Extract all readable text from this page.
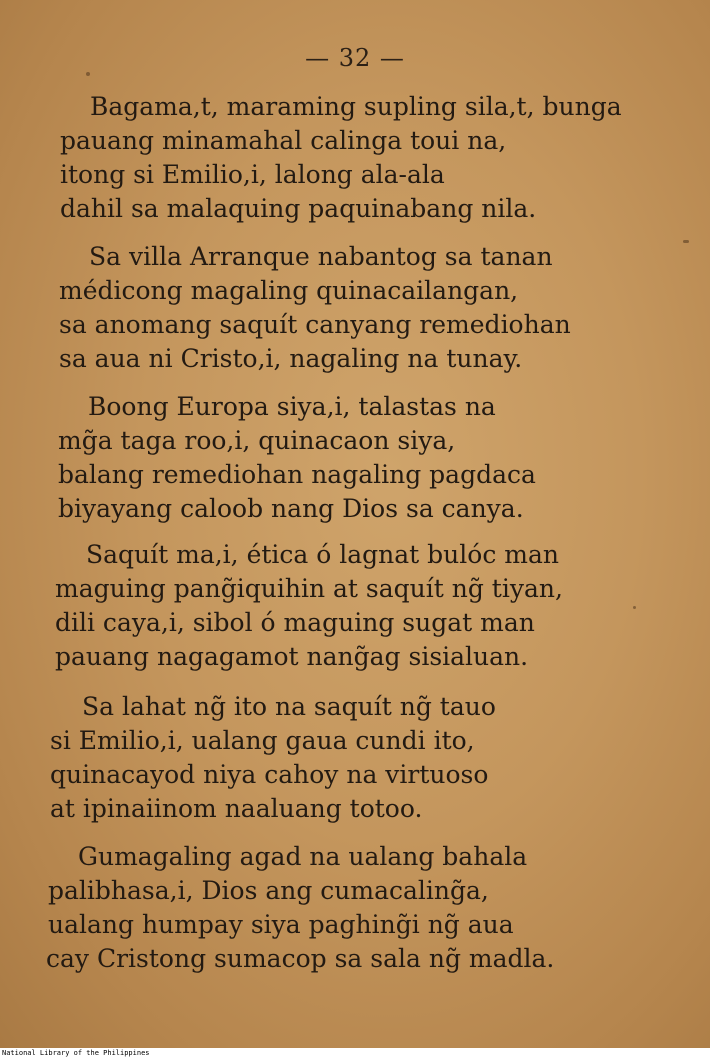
— 32 —
Bagama,t, maraming supling sila,t, bunga
pauang minamahal calinga toui na,
itong si Emilio,i, lalong ala-ala
dahil sa malaquing paquinabang nila.
Sa villa Arranque nabantog sa tanan
médicong magaling quinacailangan,
sa anomang saquít canyang remediohan
sa aua ni Cristo,i, nagaling na tunay.
Boong Europa siya,i, talastas na
mg̃a taga roo,i, quinacaon siya,
balang remediohan nagaling pagdaca
biyayang caloob nang Dios sa canya.
Saquít ma,i, ética ó lagnat bulóc man
maguing pang̃iquihin at saquít ng̃ tiyan,
dili caya,i, sibol ó maguing sugat man
pauang nagagamot nang̃ag sisialuan.
Sa lahat ng̃ ito na saquít ng̃ tauo
si Emilio,i, ualang gaua cundi ito,
quinacayod niya cahoy na virtuoso
at ipinaiinom naaluang totoo.
Gumagaling agad na ualang bahala
palibhasa,i, Dios ang cumacaling̃a,
ualang humpay siya paghing̃i ng̃ aua
cay Cristong sumacop sa sala ng̃ madla.
National Library of the Philippines
